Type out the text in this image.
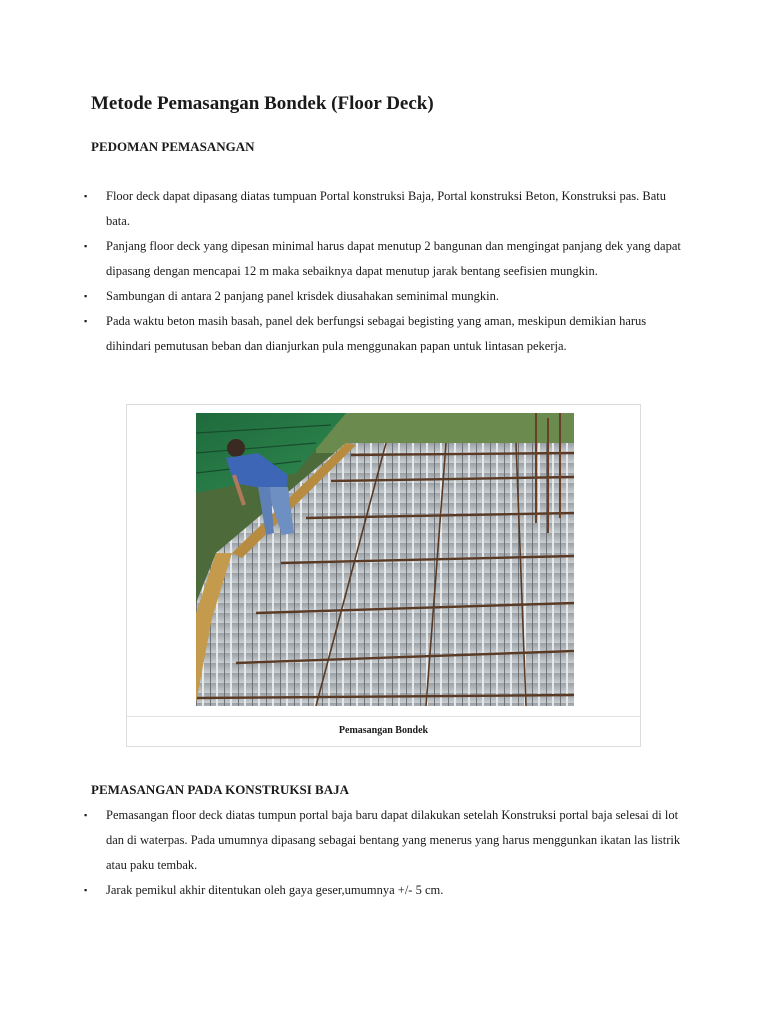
Metode Pemasangan Bondek (Floor Deck)
PEDOMAN PEMASANGAN
▪ Floor deck dapat dipasang diatas tumpuan Portal konstruksi Baja, Portal konstruksi Beton, Konstruksi pas. Batu bata.
▪ Panjang floor deck yang dipesan minimal harus dapat menutup 2 bangunan dan mengingat panjang dek yang dapat dipasang dengan mencapai 12 m maka sebaiknya dapat menutup jarak bentang seefisien mungkin.
▪ Sambungan di antara 2 panjang panel krisdek diusahakan seminimal mungkin.
▪ Pada waktu beton masih basah, panel dek berfungsi sebagai begisting yang aman, meskipun demikian harus dihindari pemutusan beban dan dianjurkan pula menggunakan papan untuk lintasan pekerja.
Pemasangan Bondek
PEMASANGAN PADA KONSTRUKSI BAJA
▪ Pemasangan floor deck diatas tumpun portal baja baru dapat dilakukan setelah Konstruksi portal baja selesai di lot dan di waterpas. Pada umumnya dipasang sebagai bentang yang menerus yang harus menggunkan ikatan las listrik atau paku tembak.
▪ Jarak pemikul akhir ditentukan oleh gaya geser,umumnya +/- 5 cm.
